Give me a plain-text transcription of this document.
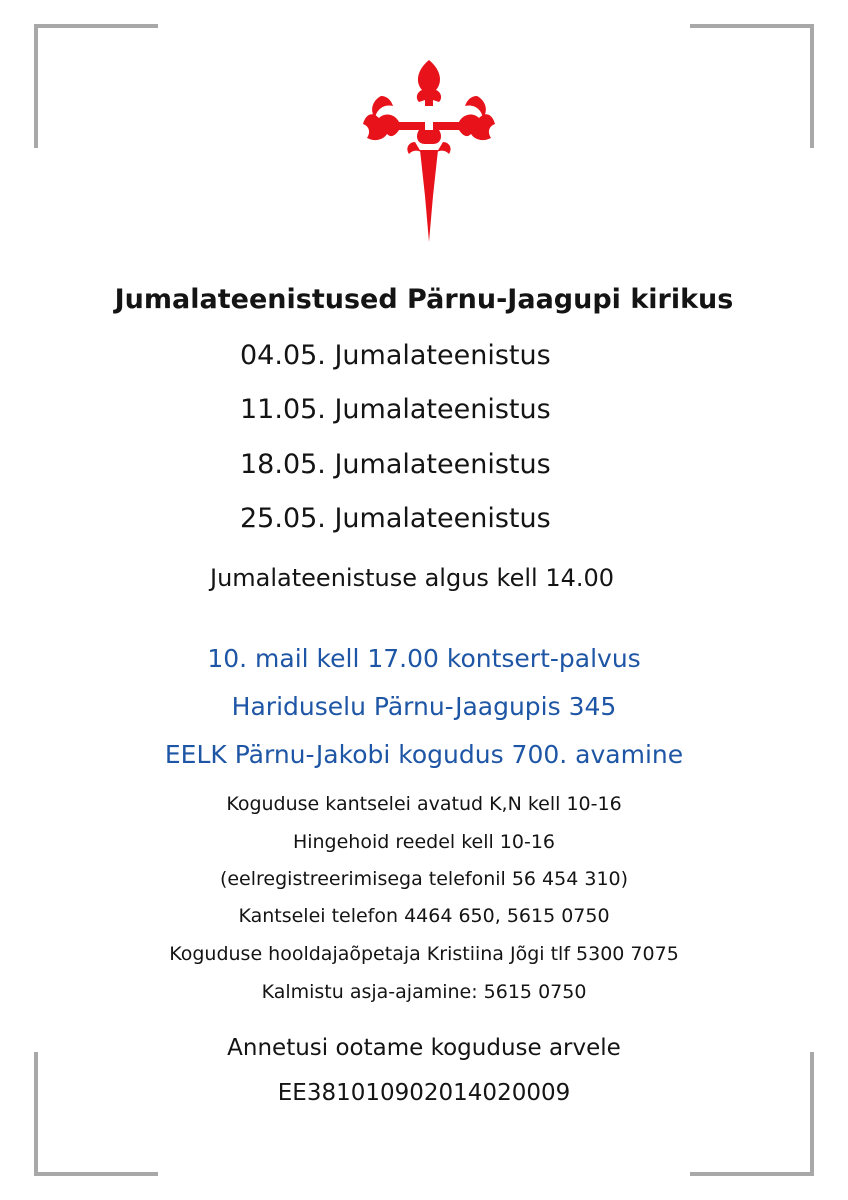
Jumalateenistused Pärnu-Jaagupi kirikus
04.05. Jumalateenistus
11.05. Jumalateenistus
18.05. Jumalateenistus
25.05. Jumalateenistus
Jumalateenistuse algus kell 14.00
10. mail kell 17.00 kontsert-palvus
Hariduselu Pärnu-Jaagupis 345
EELK Pärnu-Jakobi kogudus 700. avamine
Koguduse kantselei avatud K,N kell 10-16
Hingehoid reedel kell 10-16
(eelregistreerimisega telefonil 56 454 310)
Kantselei telefon 4464 650, 5615 0750
Koguduse hooldajaõpetaja Kristiina Jõgi tlf 5300 7075
Kalmistu asja-ajamine: 5615 0750
Annetusi ootame koguduse arvele
EE381010902014020009
